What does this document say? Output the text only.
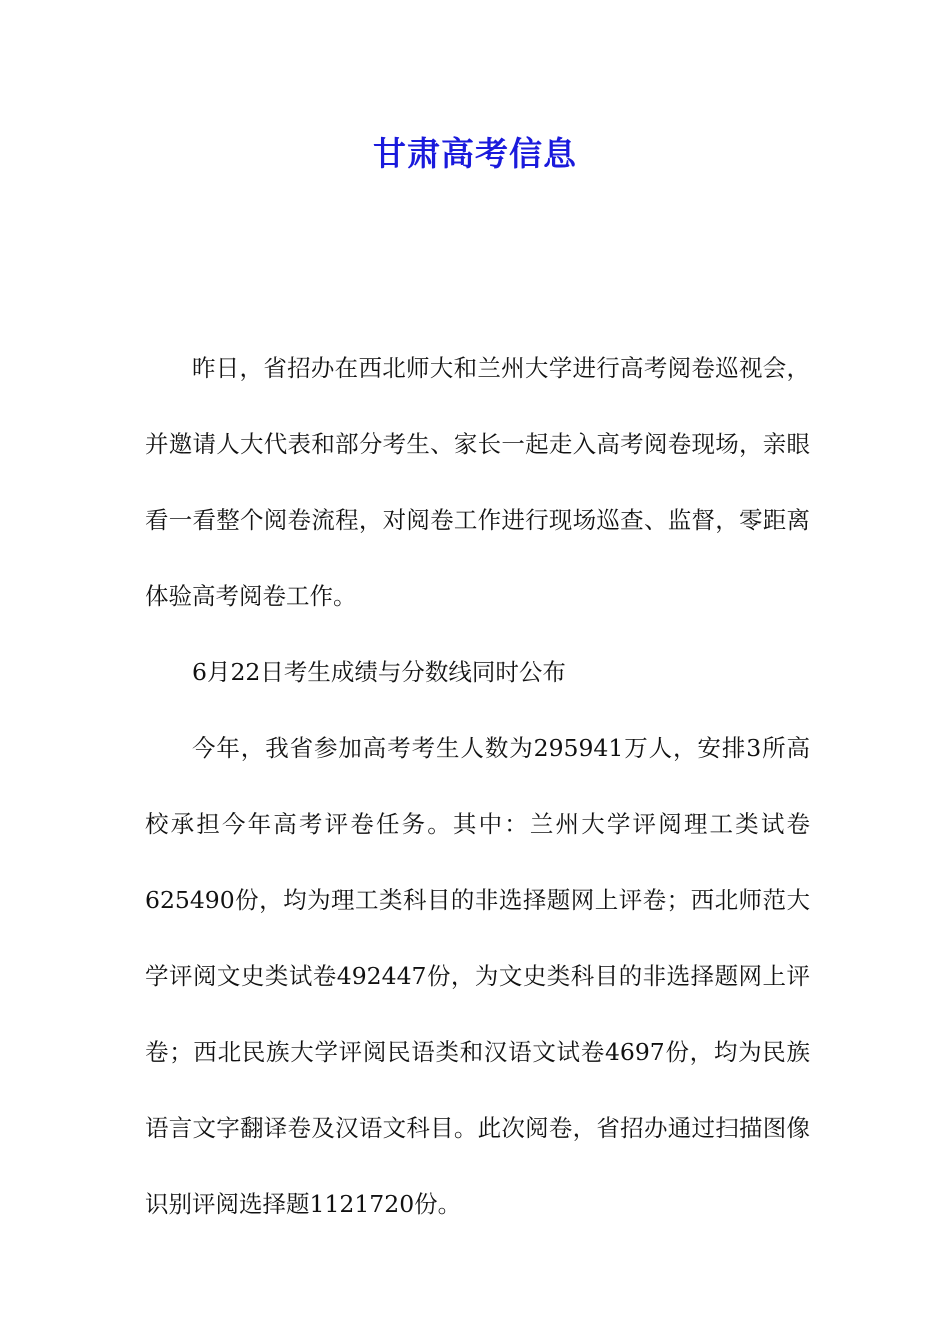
甘肃高考信息

昨日，省招办在西北师大和兰州大学进行高考阅卷巡视会，并邀请人大代表和部分考生、家长一起走入高考阅卷现场，亲眼看一看整个阅卷流程，对阅卷工作进行现场巡查、监督，零距离体验高考阅卷工作。

6月22日考生成绩与分数线同时公布

今年，我省参加高考考生人数为295941万人，安排3所高校承担今年高考评卷任务。其中：兰州大学评阅理工类试卷625490份，均为理工类科目的非选择题网上评卷；西北师范大学评阅文史类试卷492447份，为文史类科目的非选择题网上评卷；西北民族大学评阅民语类和汉语文试卷4697份，均为民族语言文字翻译卷及汉语文科目。此次阅卷，省招办通过扫描图像识别评阅选择题1121720份。
